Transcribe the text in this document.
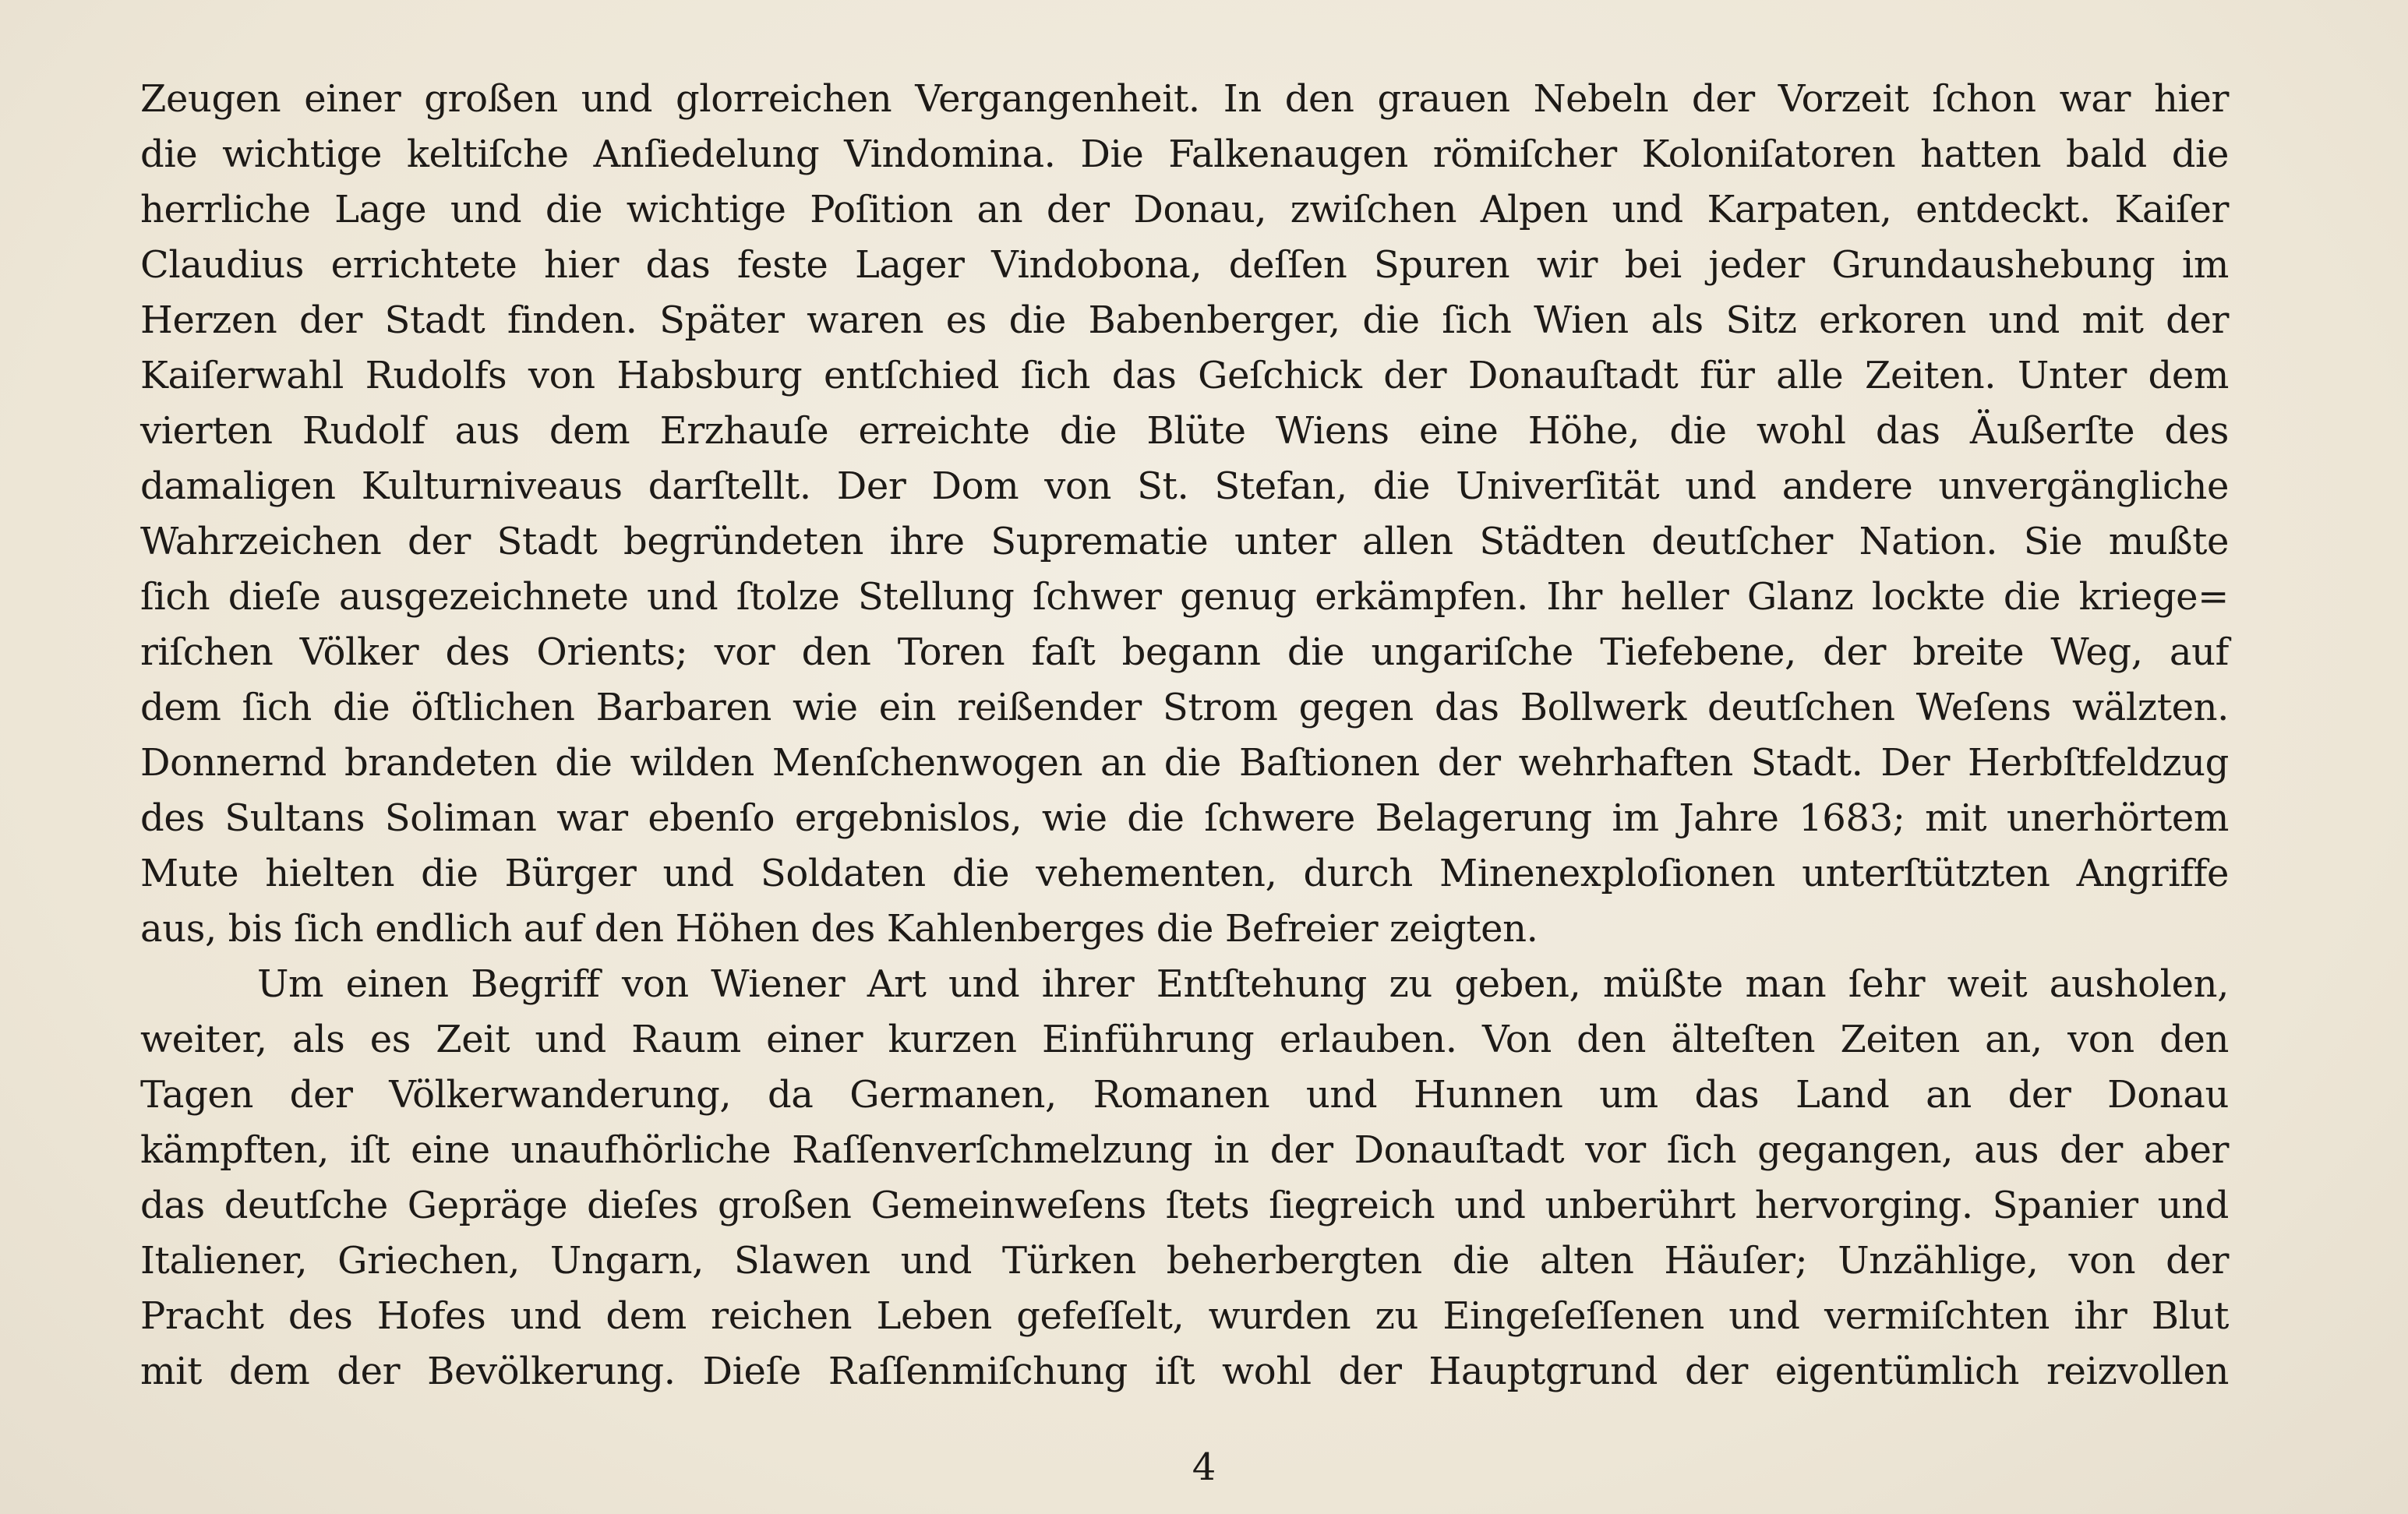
Zeugen einer großen und glorreichen Vergangenheit. In den grauen Nebeln der Vorzeit ſchon war hier
die wichtige keltiſche Anſiedelung Vindomina. Die Falkenaugen römiſcher Koloniſatoren hatten bald die
herrliche Lage und die wichtige Poſition an der Donau, zwiſchen Alpen und Karpaten, entdeckt. Kaiſer
Claudius errichtete hier das feste Lager Vindobona, deſſen Spuren wir bei jeder Grundaushebung im
Herzen der Stadt finden. Später waren es die Babenberger, die ſich Wien als Sitz erkoren und mit der
Kaiſerwahl Rudolfs von Habsburg entſchied ſich das Geſchick der Donauſtadt für alle Zeiten. Unter dem
vierten Rudolf aus dem Erzhauſe erreichte die Blüte Wiens eine Höhe, die wohl das Äußerſte des
damaligen Kulturniveaus darſtellt. Der Dom von St. Stefan, die Univerſität und andere unvergängliche
Wahrzeichen der Stadt begründeten ihre Suprematie unter allen Städten deutſcher Nation. Sie mußte
ſich dieſe ausgezeichnete und ſtolze Stellung ſchwer genug erkämpfen. Ihr heller Glanz lockte die kriege=
riſchen Völker des Orients; vor den Toren faſt begann die ungariſche Tiefebene, der breite Weg, auf
dem ſich die öſtlichen Barbaren wie ein reißender Strom gegen das Bollwerk deutſchen Weſens wälzten.
Donnernd brandeten die wilden Menſchenwogen an die Baſtionen der wehrhaften Stadt. Der Herbſtfeldzug
des Sultans Soliman war ebenſo ergebnislos, wie die ſchwere Belagerung im Jahre 1683; mit unerhörtem
Mute hielten die Bürger und Soldaten die vehementen, durch Minenexploſionen unterſtützten Angriffe
aus, bis ſich endlich auf den Höhen des Kahlenberges die Befreier zeigten.
Um einen Begriff von Wiener Art und ihrer Entſtehung zu geben, müßte man ſehr weit ausholen,
weiter, als es Zeit und Raum einer kurzen Einführung erlauben. Von den älteſten Zeiten an, von den
Tagen der Völkerwanderung, da Germanen, Romanen und Hunnen um das Land an der Donau
kämpften, iſt eine unaufhörliche Raſſenverſchmelzung in der Donauſtadt vor ſich gegangen, aus der aber
das deutſche Gepräge dieſes großen Gemeinweſens ſtets ſiegreich und unberührt hervorging. Spanier und
Italiener, Griechen, Ungarn, Slawen und Türken beherbergten die alten Häuſer; Unzählige, von der
Pracht des Hofes und dem reichen Leben gefeſſelt, wurden zu Eingeſeſſenen und vermiſchten ihr Blut
mit dem der Bevölkerung. Dieſe Raſſenmiſchung iſt wohl der Hauptgrund der eigentümlich reizvollen
4
